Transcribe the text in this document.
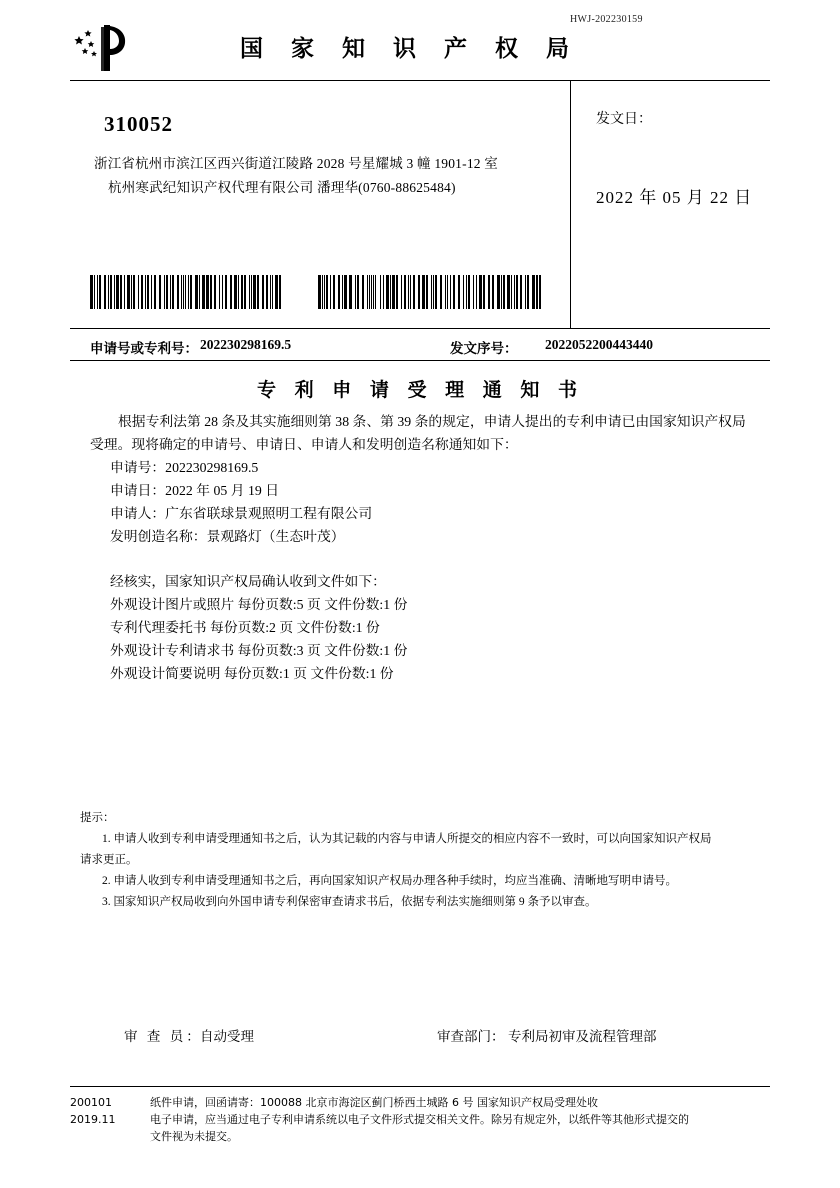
HWJ-202230159
国 家 知 识 产 权 局
310052
浙江省杭州市滨江区西兴街道江陵路 2028 号星耀城 3 幢 1901-12 室
杭州寒武纪知识产权代理有限公司 潘理华(0760-88625484)
发文日：
2022 年 05 月 22 日
申请号或专利号： 202230298169.5	发文序号： 2022052200443440
专 利 申 请 受 理 通 知 书
根据专利法第 28 条及其实施细则第 38 条、第 39 条的规定，申请人提出的专利申请已由国家知识产权局
受理。现将确定的申请号、申请日、申请人和发明创造名称通知如下：
申请号：202230298169.5
申请日：2022 年 05 月 19 日
申请人：广东省联球景观照明工程有限公司
发明创造名称：景观路灯（生态叶茂）
经核实，国家知识产权局确认收到文件如下：
外观设计图片或照片 每份页数:5 页 文件份数:1 份
专利代理委托书 每份页数:2 页 文件份数:1 份
外观设计专利请求书 每份页数:3 页 文件份数:1 份
外观设计简要说明 每份页数:1 页 文件份数:1 份
提示：
1. 申请人收到专利申请受理通知书之后，认为其记载的内容与申请人所提交的相应内容不一致时，可以向国家知识产权局
请求更正。
2. 申请人收到专利申请受理通知书之后，再向国家知识产权局办理各种手续时，均应当准确、清晰地写明申请号。
3. 国家知识产权局收到向外国申请专利保密审查请求书后，依据专利法实施细则第 9 条予以审查。
审 查 员：
自动受理	审查部门： 专利局初审及流程管理部
200101	纸件申请，回函请寄：100088 北京市海淀区蓟门桥西土城路 6 号 国家知识产权局受理处收
2019.11	电子申请，应当通过电子专利申请系统以电子文件形式提交相关文件。除另有规定外，以纸件等其他形式提交的
文件视为未提交。
